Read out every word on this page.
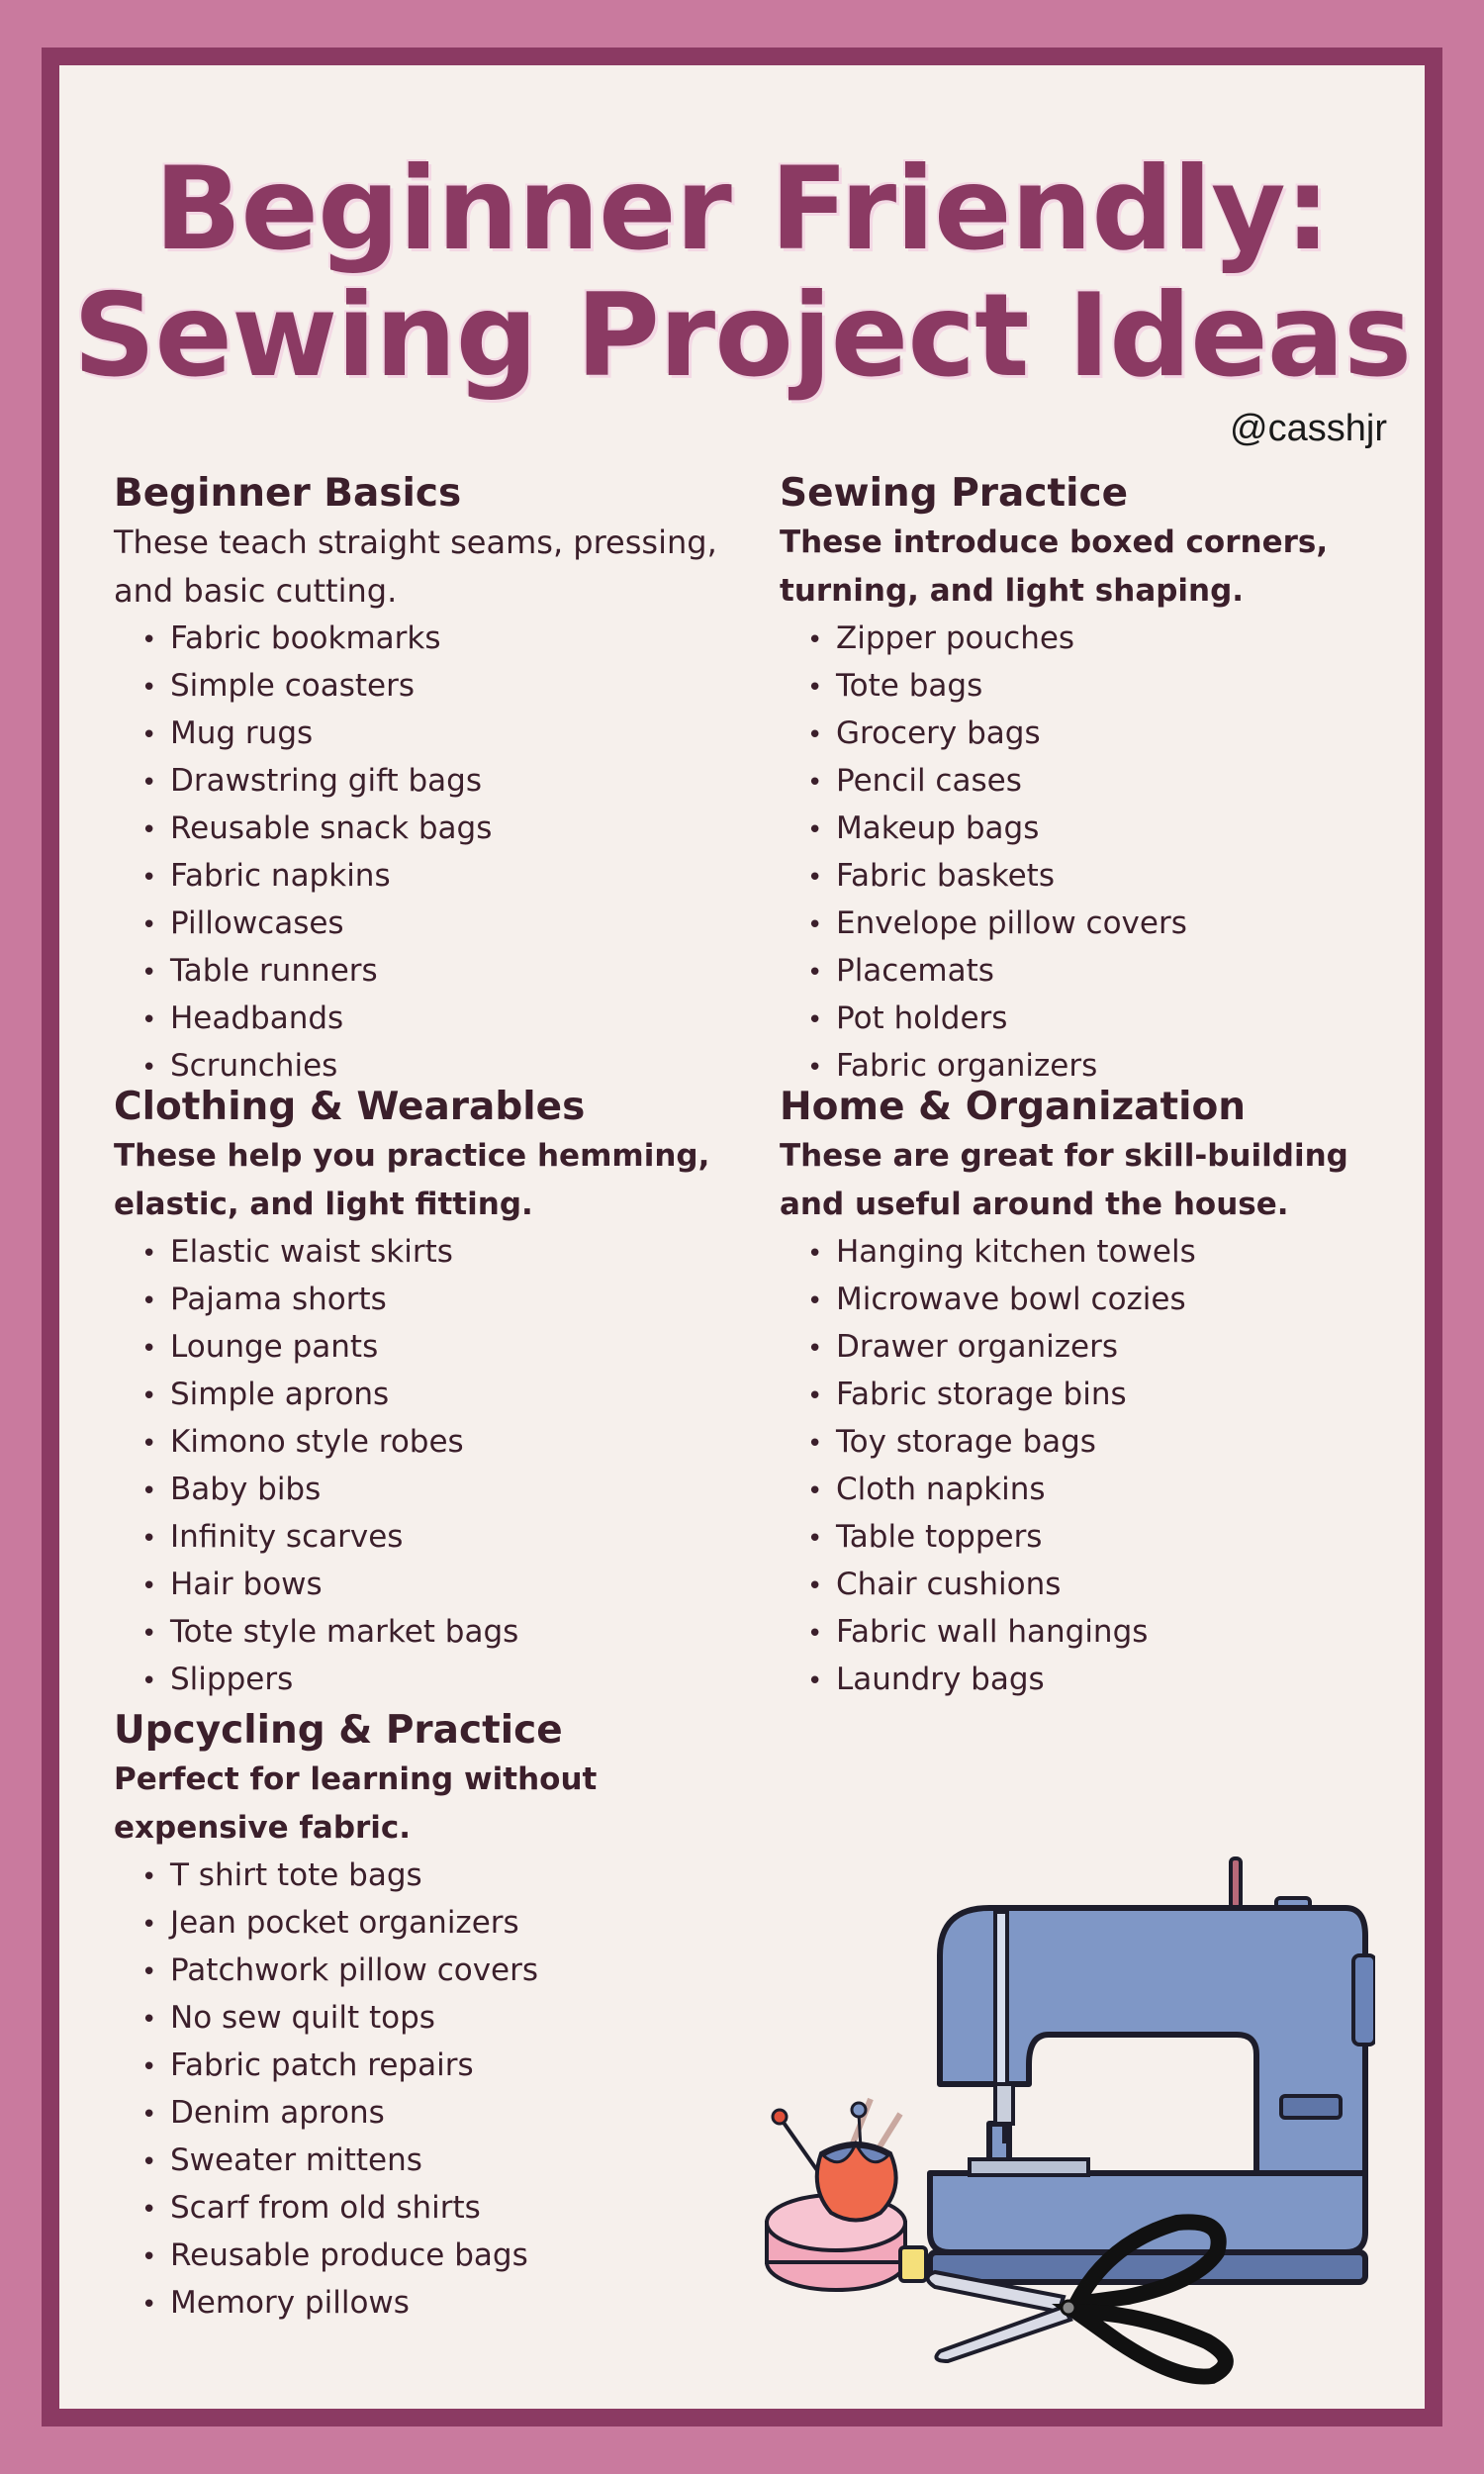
Beginner Friendly:
Sewing Project Ideas
@casshjr
Beginner Basics

These teach straight seams, pressing, and basic cutting.

• Fabric bookmarks
• Simple coasters
• Mug rugs
• Drawstring gift bags
• Reusable snack bags
• Fabric napkins
• Pillowcases
• Table runners
• Headbands
• Scrunchies
Sewing Practice

These introduce boxed corners, turning, and light shaping.

• Zipper pouches
• Tote bags
• Grocery bags
• Pencil cases
• Makeup bags
• Fabric baskets
• Envelope pillow covers
• Placemats
• Pot holders
• Fabric organizers
Clothing & Wearables

These help you practice hemming, elastic, and light fitting.

• Elastic waist skirts
• Pajama shorts
• Lounge pants
• Simple aprons
• Kimono style robes
• Baby bibs
• Infinity scarves
• Hair bows
• Tote style market bags
• Slippers
Home & Organization

These are great for skill-building and useful around the house.

• Hanging kitchen towels
• Microwave bowl cozies
• Drawer organizers
• Fabric storage bins
• Toy storage bags
• Cloth napkins
• Table toppers
• Chair cushions
• Fabric wall hangings
• Laundry bags
Upcycling & Practice

Perfect for learning without expensive fabric.

• T shirt tote bags
• Jean pocket organizers
• Patchwork pillow covers
• No sew quilt tops
• Fabric patch repairs
• Denim aprons
• Sweater mittens
• Scarf from old shirts
• Reusable produce bags
• Memory pillows
